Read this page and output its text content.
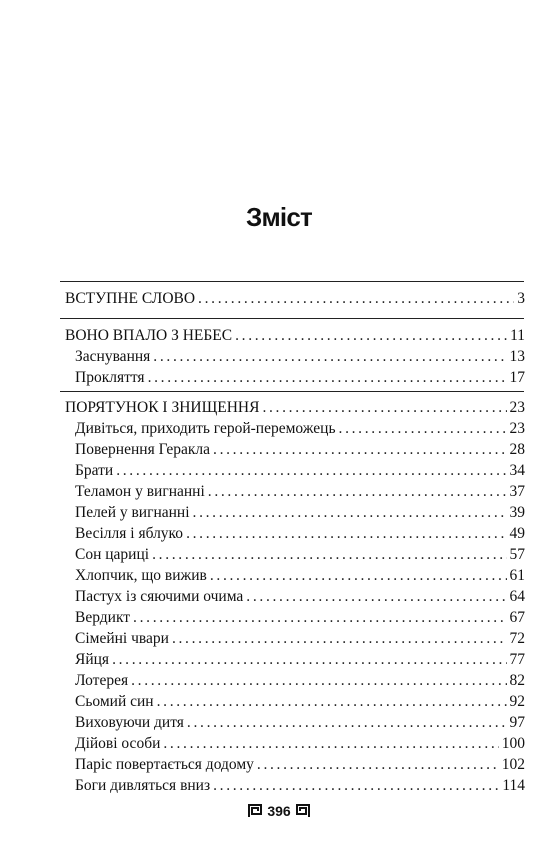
Зміст
ВСТУПНЕ СЛОВО . . .	3
ВОНО ВПАЛО З НЕБЕС . . .	11
Заснування . . .	13
Прокляття . . .	17
ПОРЯТУНОК І ЗНИЩЕННЯ . . .	23
Дивіться, приходить герой-переможець . . .	23
Повернення Геракла . . .	28
Брати . . .	34
Теламон у вигнанні . . .	37
Пелей у вигнанні . . .	39
Весілля і яблуко . . .	49
Сон цариці . . .	57
Хлопчик, що вижив . . .	61
Пастух із сяючими очима . . .	64
Вердикт . . .	67
Сімейні чвари . . .	72
Яйця . . .	77
Лотерея . . .	82
Сьомий син . . .	92
Виховуючи дитя . . .	97
Дійові особи . . .	100
Паріс повертається додому . . .	102
Боги дивляться вниз . . .	114
396
